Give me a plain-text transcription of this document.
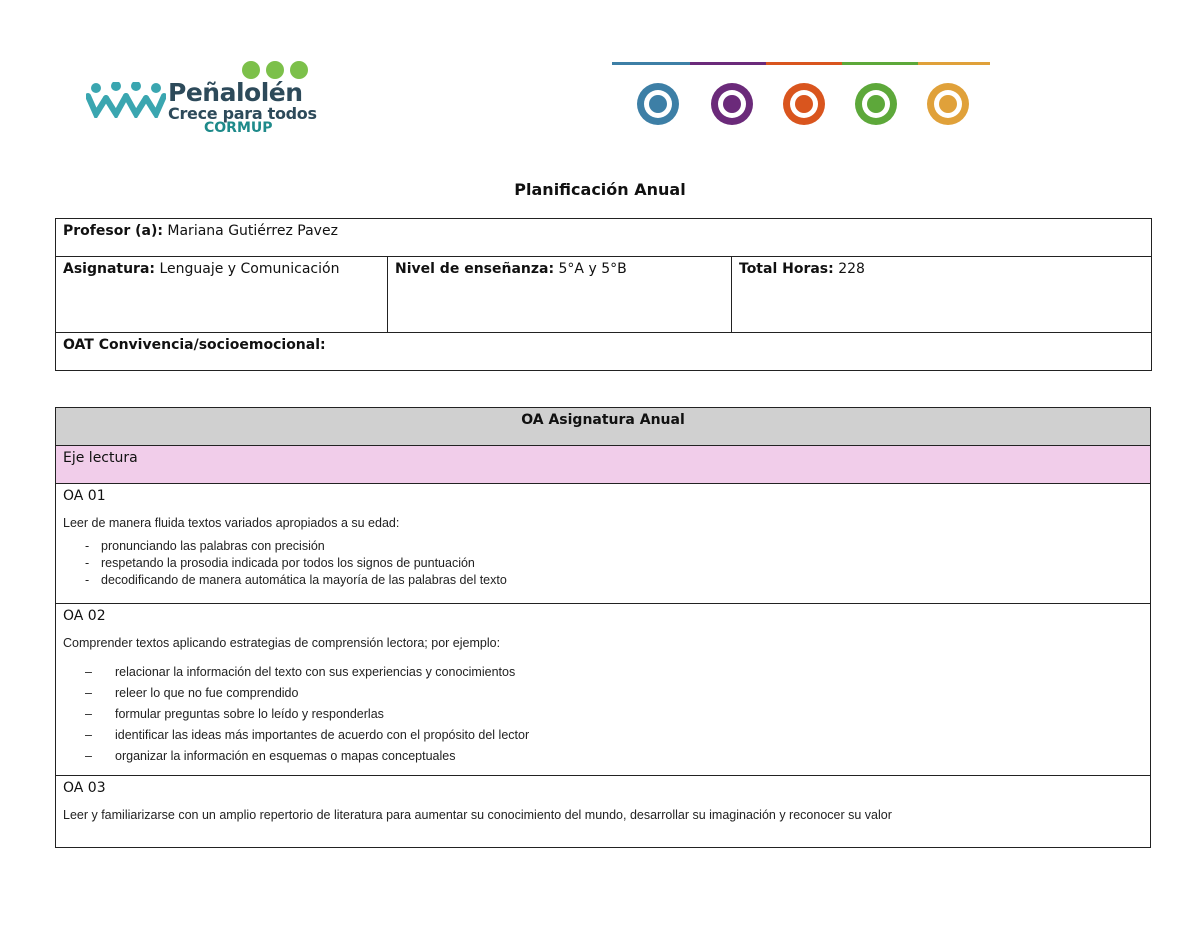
Peñalolén
Crece para todos
CORMUP
Planificación Anual
Profesor (a): Mariana Gutiérrez Pavez
Asignatura: Lenguaje y Comunicación	Nivel de enseñanza: 5°A y 5°B	Total Horas: 228
OAT Convivencia/socioemocional:
OA Asignatura Anual
Eje lectura

OA 01
Leer de manera fluida textos variados apropiados a su edad:
- pronunciando las palabras con precisión
- respetando la prosodia indicada por todos los signos de puntuación
- decodificando de manera automática la mayoría de las palabras del texto

OA 02
Comprender textos aplicando estrategias de comprensión lectora; por ejemplo:
– relacionar la información del texto con sus experiencias y conocimientos
– releer lo que no fue comprendido
– formular preguntas sobre lo leído y responderlas
– identificar las ideas más importantes de acuerdo con el propósito del lector
– organizar la información en esquemas o mapas conceptuales

OA 03
Leer y familiarizarse con un amplio repertorio de literatura para aumentar su conocimiento del mundo, desarrollar su imaginación y reconocer su valor
